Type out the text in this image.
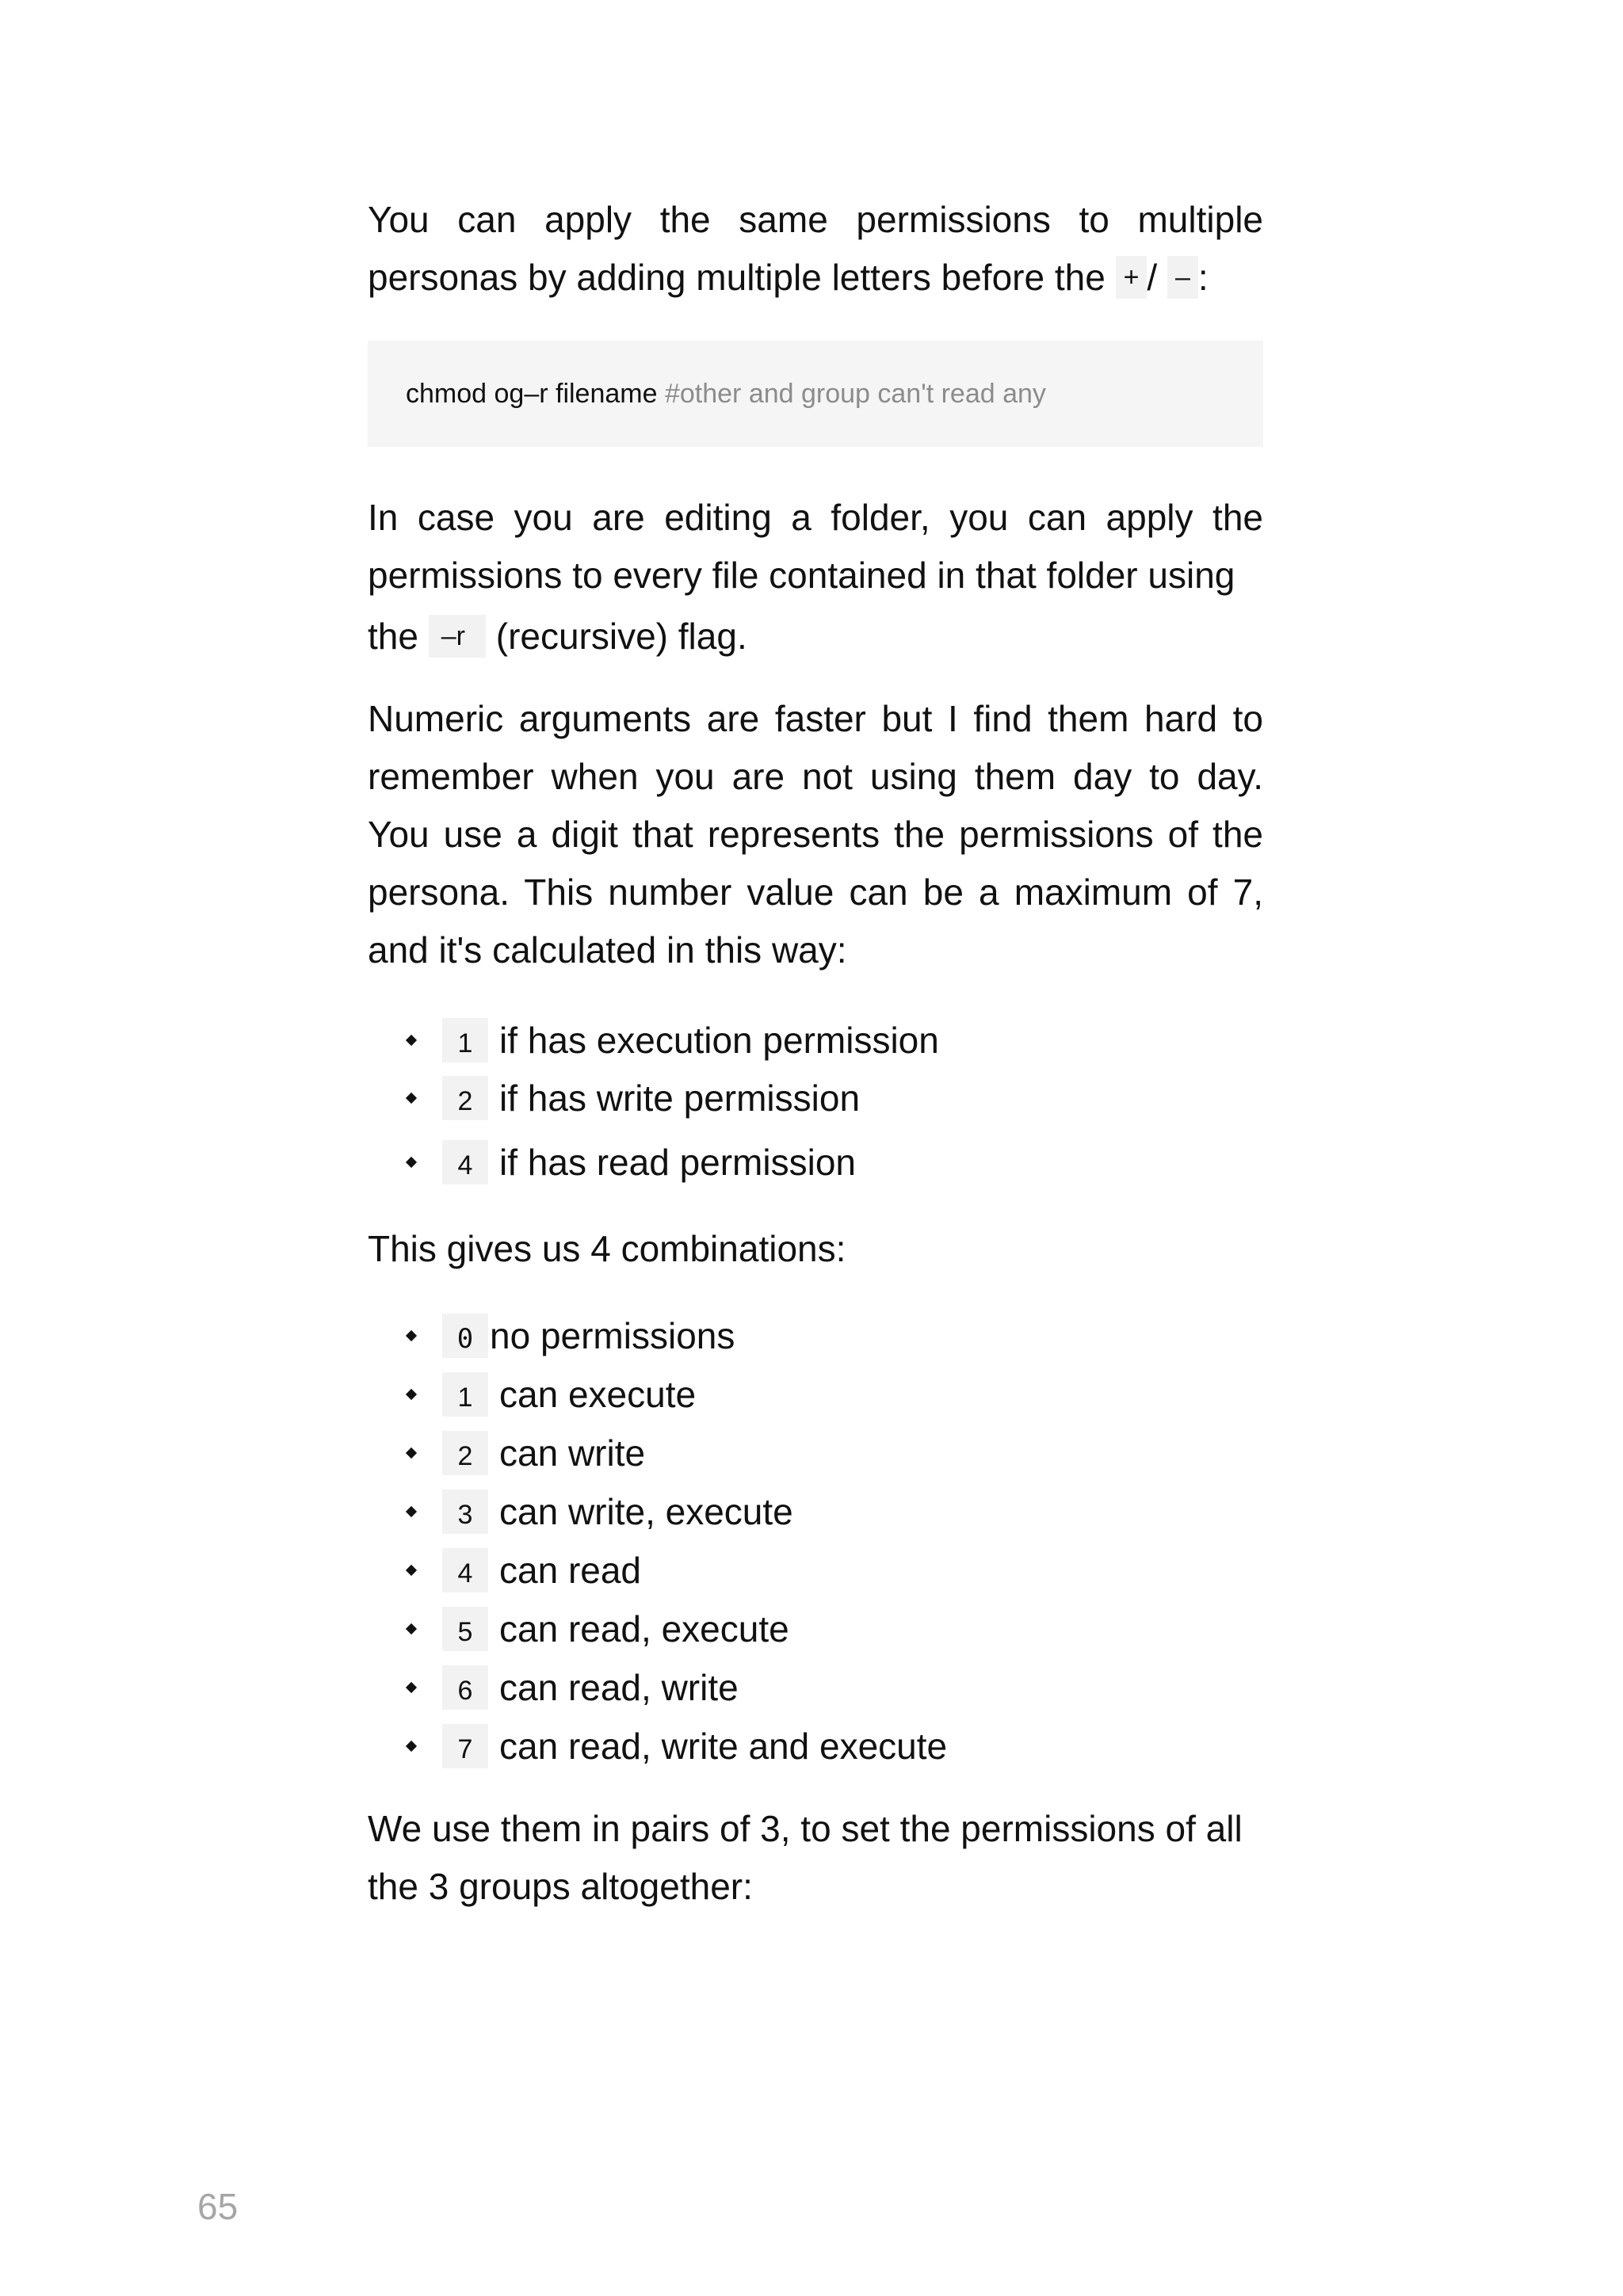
You can apply the same permissions to multiple

personas by adding multiple letters before the + / – :

chmod og–r filename #other and group can't read any

In case you are editing a folder, you can apply the permissions to every file contained in that folder using

the –r (recursive) flag.

Numeric arguments are faster but I find them hard to remember when you are not using them day to day. You use a digit that represents the permissions of the persona. This number value can be a maximum of 7, and it's calculated in this way:

1 if has execution permission
2 if has write permission
4 if has read permission

This gives us 4 combinations:

0 no permissions
1 can execute
2 can write
3 can write, execute
4 can read
5 can read, execute
6 can read, write
7 can read, write and execute

We use them in pairs of 3, to set the permissions of all the 3 groups altogether:

65
